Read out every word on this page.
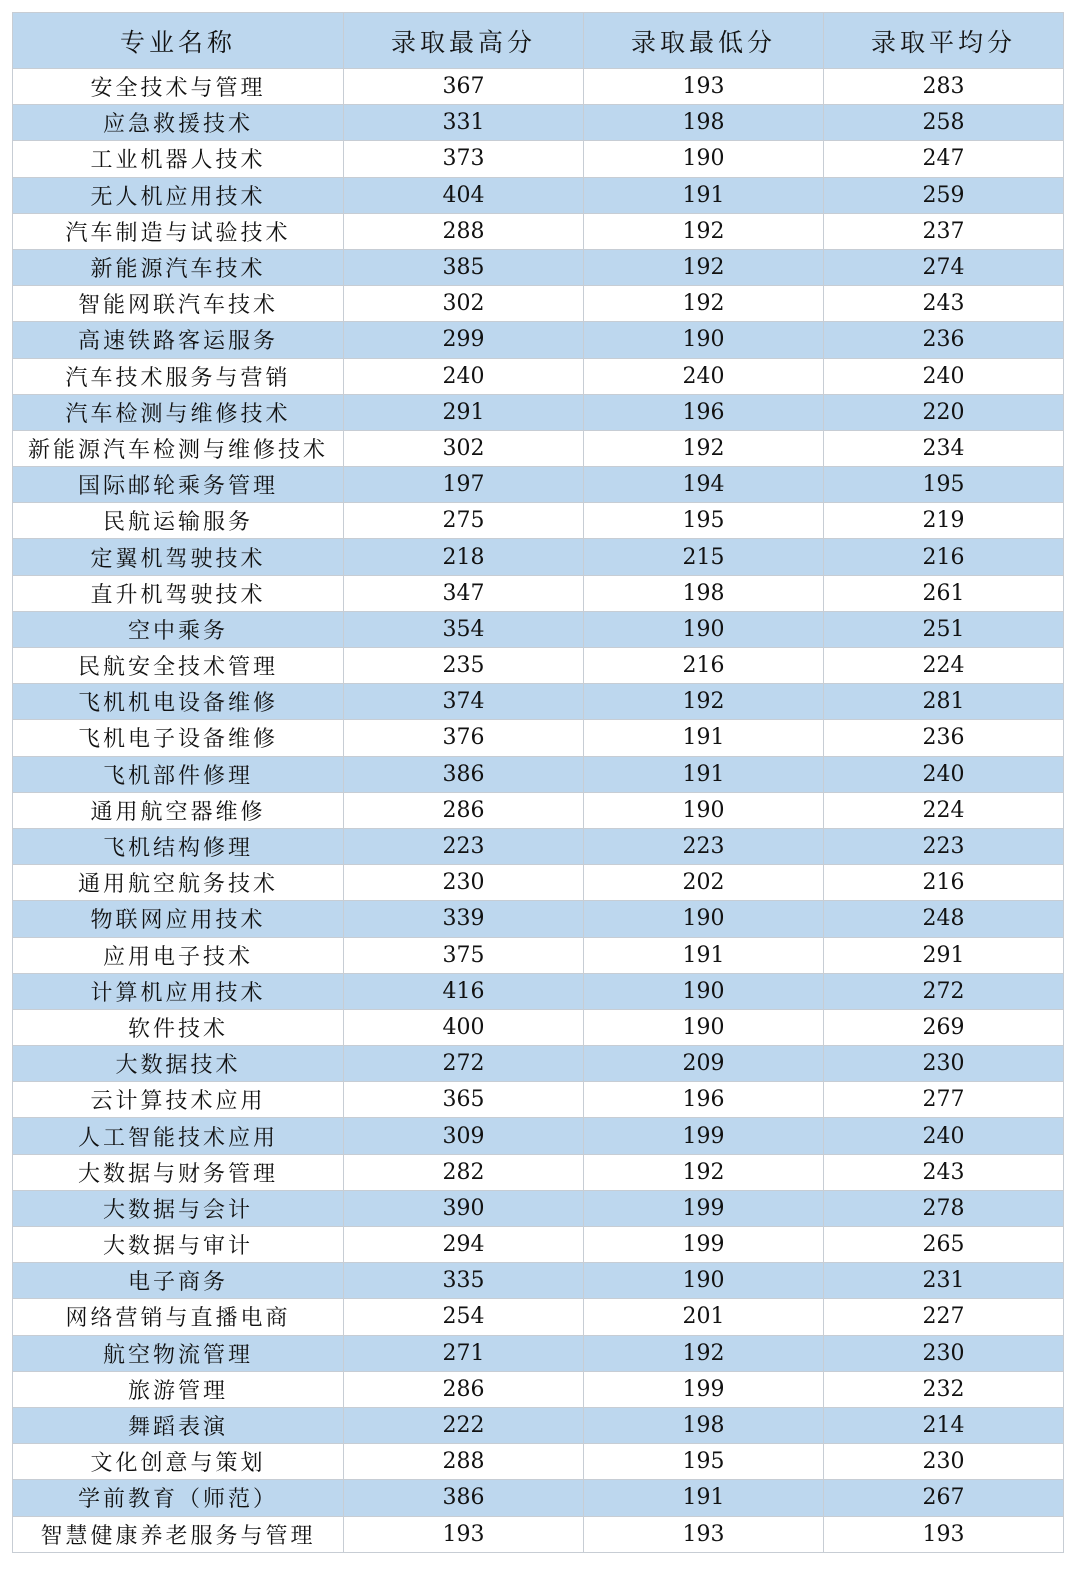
专业名称	录取最高分	录取最低分	录取平均分
安全技术与管理	367	193	283
应急救援技术	331	198	258
工业机器人技术	373	190	247
无人机应用技术	404	191	259
汽车制造与试验技术	288	192	237
新能源汽车技术	385	192	274
智能网联汽车技术	302	192	243
高速铁路客运服务	299	190	236
汽车技术服务与营销	240	240	240
汽车检测与维修技术	291	196	220
新能源汽车检测与维修技术	302	192	234
国际邮轮乘务管理	197	194	195
民航运输服务	275	195	219
定翼机驾驶技术	218	215	216
直升机驾驶技术	347	198	261
空中乘务	354	190	251
民航安全技术管理	235	216	224
飞机机电设备维修	374	192	281
飞机电子设备维修	376	191	236
飞机部件修理	386	191	240
通用航空器维修	286	190	224
飞机结构修理	223	223	223
通用航空航务技术	230	202	216
物联网应用技术	339	190	248
应用电子技术	375	191	291
计算机应用技术	416	190	272
软件技术	400	190	269
大数据技术	272	209	230
云计算技术应用	365	196	277
人工智能技术应用	309	199	240
大数据与财务管理	282	192	243
大数据与会计	390	199	278
大数据与审计	294	199	265
电子商务	335	190	231
网络营销与直播电商	254	201	227
航空物流管理	271	192	230
旅游管理	286	199	232
舞蹈表演	222	198	214
文化创意与策划	288	195	230
学前教育（师范）	386	191	267
智慧健康养老服务与管理	193	193	193
